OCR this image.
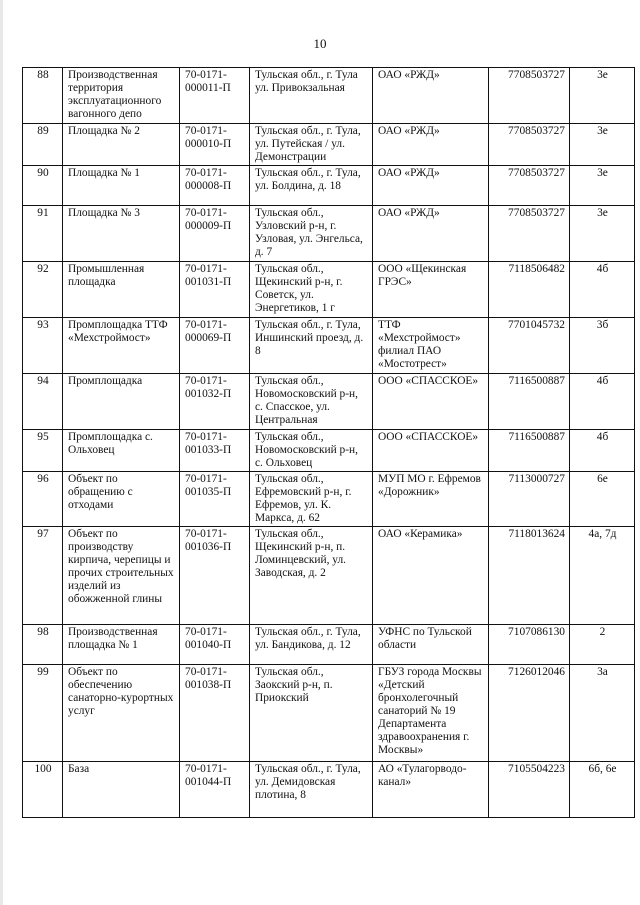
10
88	Производственная территория эксплуатационного вагонного депо	70-0171-000011-П	Тульская обл., г. Тула ул. Привокзальная	ОАО «РЖД»	7708503727	3е
89	Площадка № 2	70-0171-000010-П	Тульская обл., г. Тула, ул. Путейская / ул. Демонстрации	ОАО «РЖД»	7708503727	3е
90	Площадка № 1	70-0171-000008-П	Тульская обл., г. Тула, ул. Болдина, д. 18	ОАО «РЖД»	7708503727	3е
91	Площадка № 3	70-0171-000009-П	Тульская обл., Узловский р-н, г. Узловая, ул. Энгельса, д. 7	ОАО «РЖД»	7708503727	3е
92	Промышленная площадка	70-0171-001031-П	Тульская обл., Щекинский р-н, г. Советск, ул. Энергетиков, 1 г	ООО «Щекинская ГРЭС»	7118506482	4б
93	Промплощадка ТТФ «Мехстроймост»	70-0171-000069-П	Тульская обл., г. Тула, Иншинский проезд, д. 8	ТТФ «Мехстроймост» филиал ПАО «Мостотрест»	7701045732	3б
94	Промплощадка	70-0171-001032-П	Тульская обл., Новомосковский р-н, с. Спасское, ул. Центральная	ООО «СПАССКОЕ»	7116500887	4б
95	Промплощадка с. Ольховец	70-0171-001033-П	Тульская обл., Новомосковский р-н, с. Ольховец	ООО «СПАССКОЕ»	7116500887	4б
96	Объект по обращению с отходами	70-0171-001035-П	Тульская обл., Ефремовский р-н, г. Ефремов, ул. К. Маркса, д. 62	МУП МО г. Ефремов «Дорожник»	7113000727	6е
97	Объект по производству кирпича, черепицы и прочих строительных изделий из обожженной глины	70-0171-001036-П	Тульская обл., Щекинский р-н, п. Ломинцевский, ул. Заводская, д. 2	ОАО «Керамика»	7118013624	4а, 7д
98	Производственная площадка № 1	70-0171-001040-П	Тульская обл., г. Тула, ул. Бандикова, д. 12	УФНС по Тульской области	7107086130	2
99	Объект по обеспечению санаторно-курортных услуг	70-0171-001038-П	Тульская обл., Заокский р-н, п. Приокский	ГБУЗ города Москвы «Детский бронхолегочный санаторий № 19 Департамента здравоохранения г. Москвы»	7126012046	3а
100	База	70-0171-001044-П	Тульская обл., г. Тула, ул. Демидовская плотина, 8	АО «Тулагорводо-канал»	7105504223	6б, 6е
